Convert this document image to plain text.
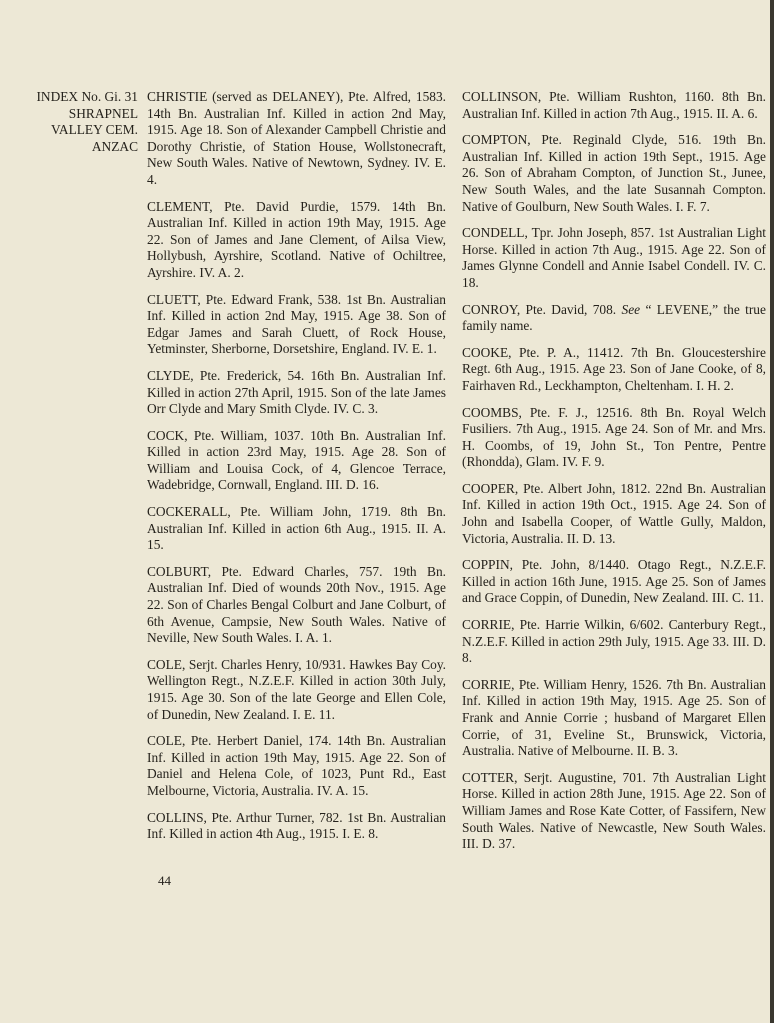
INDEX No. Gi. 31
SHRAPNEL
VALLEY CEM.
ANZAC

CHRISTIE (served as DELANEY), Pte. Alfred, 1583. 14th Bn. Australian Inf. Killed in action 2nd May, 1915. Age 18. Son of Alexander Campbell Christie and Dorothy Christie, of Station House, Wollstonecraft, New South Wales. Native of Newtown, Sydney. IV. E. 4.

CLEMENT, Pte. David Purdie, 1579. 14th Bn. Australian Inf. Killed in action 19th May, 1915. Age 22. Son of James and Jane Clement, of Ailsa View, Hollybush, Ayrshire, Scotland. Native of Ochiltree, Ayrshire. IV. A. 2.

CLUETT, Pte. Edward Frank, 538. 1st Bn. Australian Inf. Killed in action 2nd May, 1915. Age 38. Son of Edgar James and Sarah Cluett, of Rock House, Yetminster, Sherborne, Dorsetshire, England. IV. E. 1.

CLYDE, Pte. Frederick, 54. 16th Bn. Australian Inf. Killed in action 27th April, 1915. Son of the late James Orr Clyde and Mary Smith Clyde. IV. C. 3.

COCK, Pte. William, 1037. 10th Bn. Australian Inf. Killed in action 23rd May, 1915. Age 28. Son of William and Louisa Cock, of 4, Glencoe Terrace, Wadebridge, Cornwall, England. III. D. 16.

COCKERALL, Pte. William John, 1719. 8th Bn. Australian Inf. Killed in action 6th Aug., 1915. II. A. 15.

COLBURT, Pte. Edward Charles, 757. 19th Bn. Australian Inf. Died of wounds 20th Nov., 1915. Age 22. Son of Charles Bengal Colburt and Jane Colburt, of 6th Avenue, Campsie, New South Wales. Native of Neville, New South Wales. I. A. 1.

COLE, Serjt. Charles Henry, 10/931. Hawkes Bay Coy. Wellington Regt., N.Z.E.F. Killed in action 30th July, 1915. Age 30. Son of the late George and Ellen Cole, of Dunedin, New Zealand. I. E. 11.

COLE, Pte. Herbert Daniel, 174. 14th Bn. Australian Inf. Killed in action 19th May, 1915. Age 22. Son of Daniel and Helena Cole, of 1023, Punt Rd., East Melbourne, Victoria, Australia. IV. A. 15.

COLLINS, Pte. Arthur Turner, 782. 1st Bn. Australian Inf. Killed in action 4th Aug., 1915. I. E. 8.

COLLINSON, Pte. William Rushton, 1160. 8th Bn. Australian Inf. Killed in action 7th Aug., 1915. II. A. 6.

COMPTON, Pte. Reginald Clyde, 516. 19th Bn. Australian Inf. Killed in action 19th Sept., 1915. Age 26. Son of Abraham Compton, of Junction St., Junee, New South Wales, and the late Susannah Compton. Native of Goulburn, New South Wales. I. F. 7.

CONDELL, Tpr. John Joseph, 857. 1st Australian Light Horse. Killed in action 7th Aug., 1915. Age 22. Son of James Glynne Condell and Annie Isabel Condell. IV. C. 18.

CONROY, Pte. David, 708. See “ LEVENE,” the true family name.

COOKE, Pte. P. A., 11412. 7th Bn. Gloucestershire Regt. 6th Aug., 1915. Age 23. Son of Jane Cooke, of 8, Fairhaven Rd., Leckhampton, Cheltenham. I. H. 2.

COOMBS, Pte. F. J., 12516. 8th Bn. Royal Welch Fusiliers. 7th Aug., 1915. Age 24. Son of Mr. and Mrs. H. Coombs, of 19, John St., Ton Pentre, Pentre (Rhondda), Glam. IV. F. 9.

COOPER, Pte. Albert John, 1812. 22nd Bn. Australian Inf. Killed in action 19th Oct., 1915. Age 24. Son of John and Isabella Cooper, of Wattle Gully, Maldon, Victoria, Australia. II. D. 13.

COPPIN, Pte. John, 8/1440. Otago Regt., N.Z.E.F. Killed in action 16th June, 1915. Age 25. Son of James and Grace Coppin, of Dunedin, New Zealand. III. C. 11.

CORRIE, Pte. Harrie Wilkin, 6/602. Canterbury Regt., N.Z.E.F. Killed in action 29th July, 1915. Age 33. III. D. 8.

CORRIE, Pte. William Henry, 1526. 7th Bn. Australian Inf. Killed in action 19th May, 1915. Age 25. Son of Frank and Annie Corrie ; husband of Margaret Ellen Corrie, of 31, Eveline St., Brunswick, Victoria, Australia. Native of Melbourne. II. B. 3.

COTTER, Serjt. Augustine, 701. 7th Australian Light Horse. Killed in action 28th June, 1915. Age 22. Son of William James and Rose Kate Cotter, of Fassifern, New South Wales. Native of Newcastle, New South Wales. III. D. 37.

44
